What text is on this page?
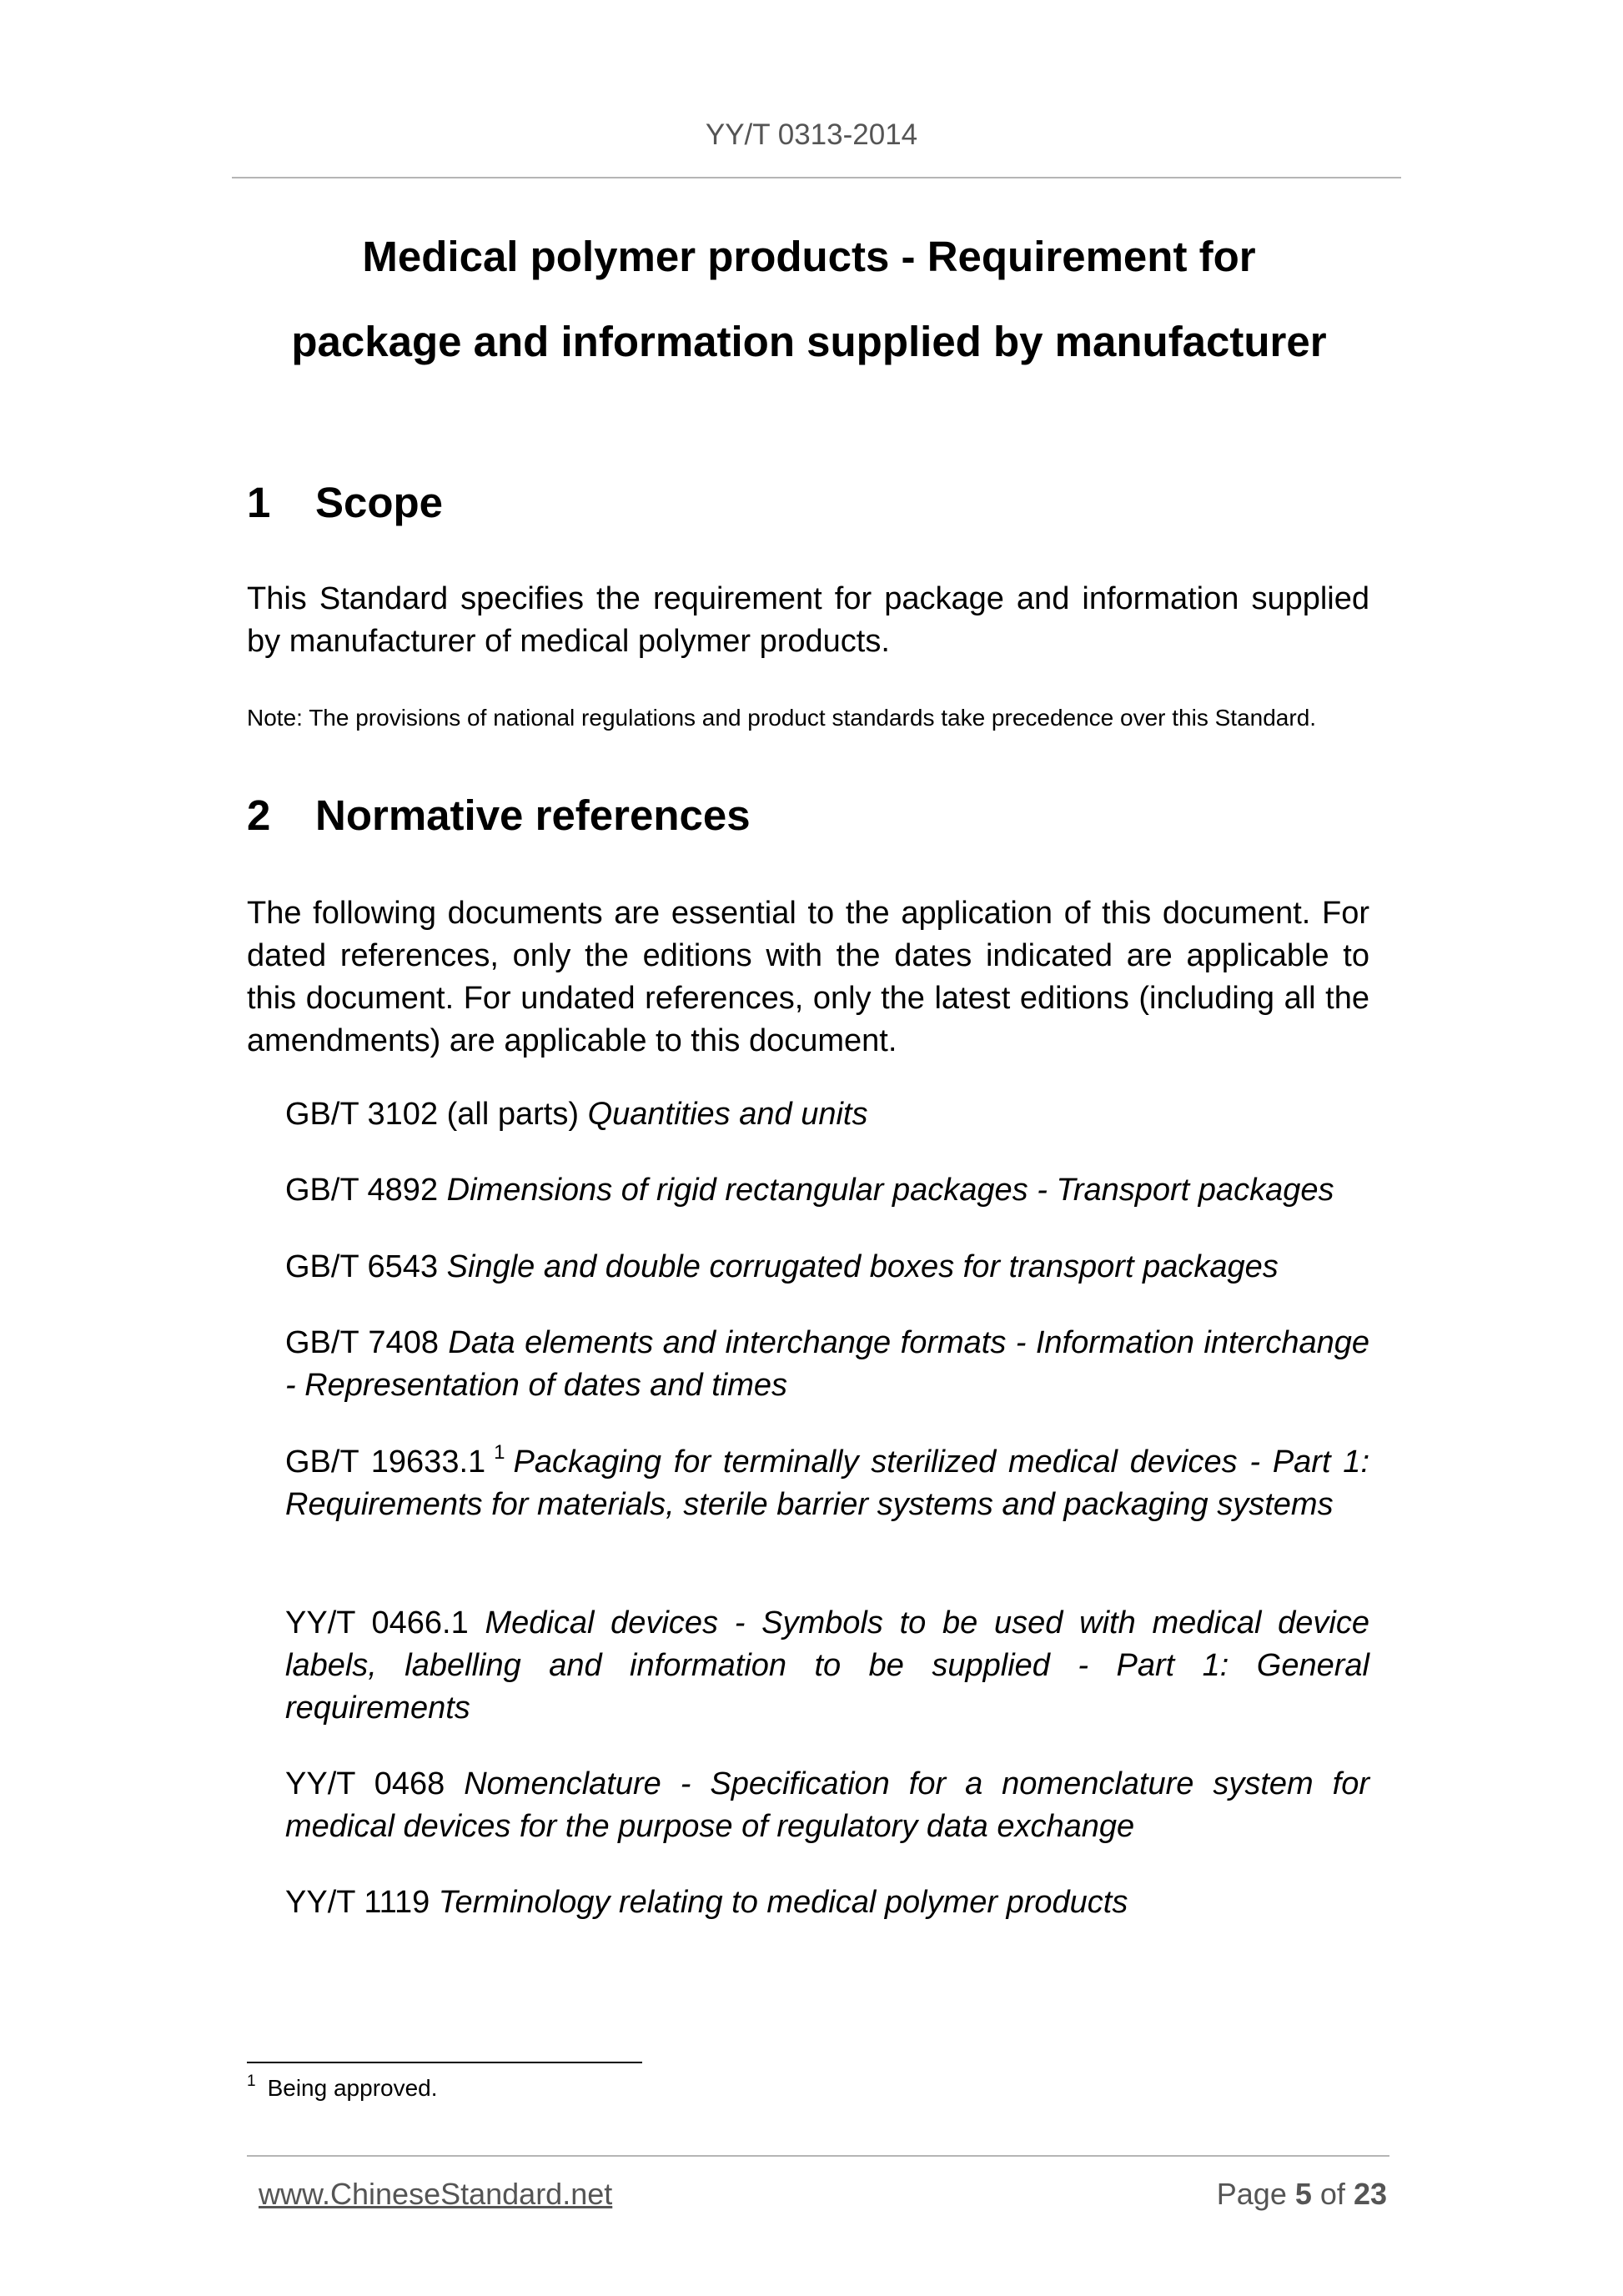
YY/T 0313-2014
Medical polymer products - Requirement for
package and information supplied by manufacturer
1 Scope
This Standard specifies the requirement for package and information supplied by manufacturer of medical polymer products.
Note: The provisions of national regulations and product standards take precedence over this Standard.
2 Normative references
The following documents are essential to the application of this document. For dated references, only the editions with the dates indicated are applicable to this document. For undated references, only the latest editions (including all the amendments) are applicable to this document.
GB/T 3102 (all parts) Quantities and units
GB/T 4892 Dimensions of rigid rectangular packages - Transport packages
GB/T 6543 Single and double corrugated boxes for transport packages
GB/T 7408 Data elements and interchange formats - Information interchange - Representation of dates and times
GB/T 19633.1 $^1$ Packaging for terminally sterilized medical devices - Part 1: Requirements for materials, sterile barrier systems and packaging systems
YY/T 0466.1 Medical devices - Symbols to be used with medical device labels, labelling and information to be supplied - Part 1: General requirements
YY/T 0468 Nomenclature - Specification for a nomenclature system for medical devices for the purpose of regulatory data exchange
YY/T 1119 Terminology relating to medical polymer products
$^1$ Being approved.
www.ChineseStandard.net	Page 5 of 23
